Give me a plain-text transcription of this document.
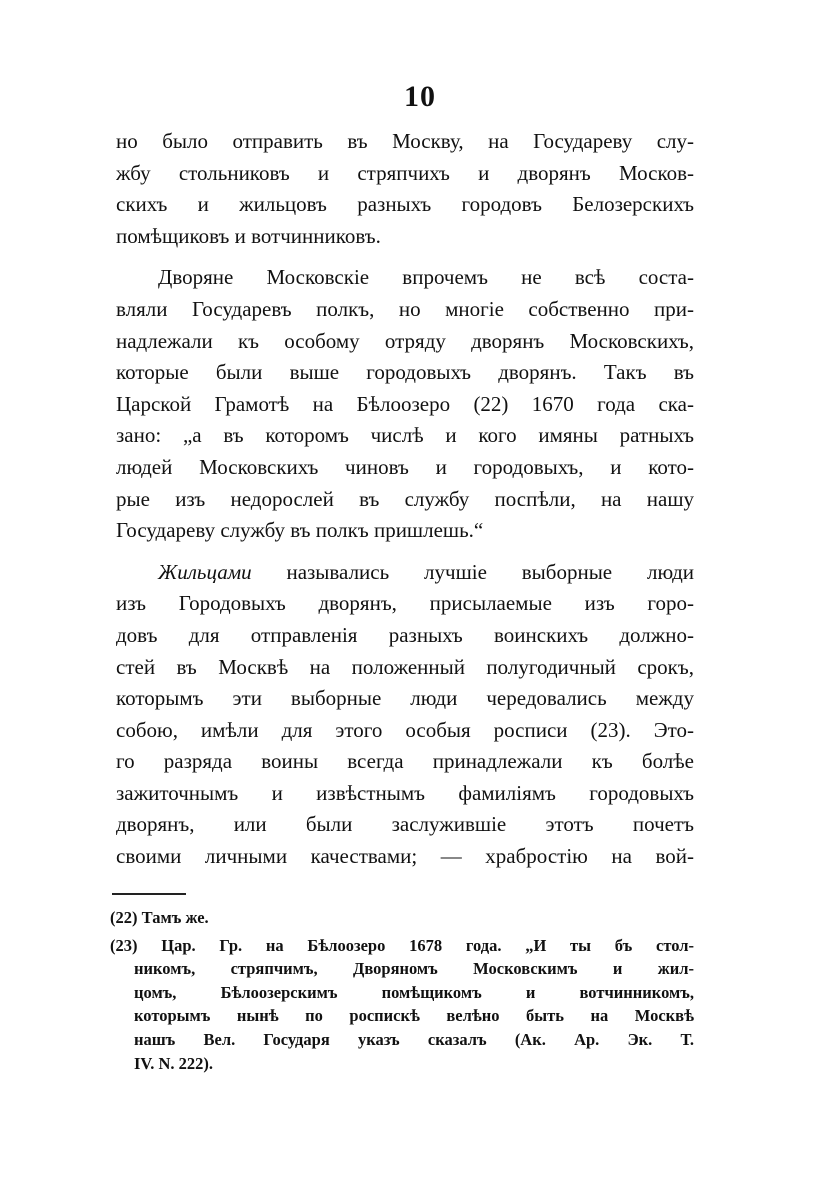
10
но было отправить въ Москву, на Государеву слу-
жбу стольниковъ и стряпчихъ и дворянъ Москов-
скихъ и жильцовъ разныхъ городовъ Белозерскихъ
помѣщиковъ и вотчинниковъ.
Дворяне Московскіе впрочемъ не всѣ соста-
вляли Государевъ полкъ, но многіе собственно при-
надлежали къ особому отряду дворянъ Московскихъ,
которые были выше городовыхъ дворянъ. Такъ въ
Царской Грамотѣ на Бѣлоозеро (22) 1670 года ска-
зано: „а въ которомъ числѣ и кого имяны ратныхъ
людей Московскихъ чиновъ и городовыхъ, и кото-
рые изъ недорослей въ службу поспѣли, на нашу
Государеву службу въ полкъ пришлешь.“
Жильцами назывались лучшіе выборные люди
изъ Городовыхъ дворянъ, присылаемые изъ горо-
довъ для отправленія разныхъ воинскихъ должно-
стей въ Москвѣ на положенный полугодичный срокъ,
которымъ эти выборные люди чередовались между
собою, имѣли для этого особыя росписи (23). Это-
го разряда воины всегда принадлежали къ болѣе
зажиточнымъ и извѣстнымъ фамиліямъ городовыхъ
дворянъ, или были заслужившіе этотъ почетъ
своими личными качествами; — храбростію на вой-
(22) Тамъ же.
(23) Цар. Гр. на Бѣлоозеро 1678 года. „И ты бъ стол-
никомъ, стряпчимъ, Дворяномъ Московскимъ и жил-
цомъ, Бѣлоозерскимъ помѣщикомъ и вотчинникомъ,
которымъ нынѣ по роспискѣ велѣно быть на Москвѣ
нашъ Вел. Государя указъ сказалъ (Ак. Ар. Эк. Т.
IV. N. 222).
